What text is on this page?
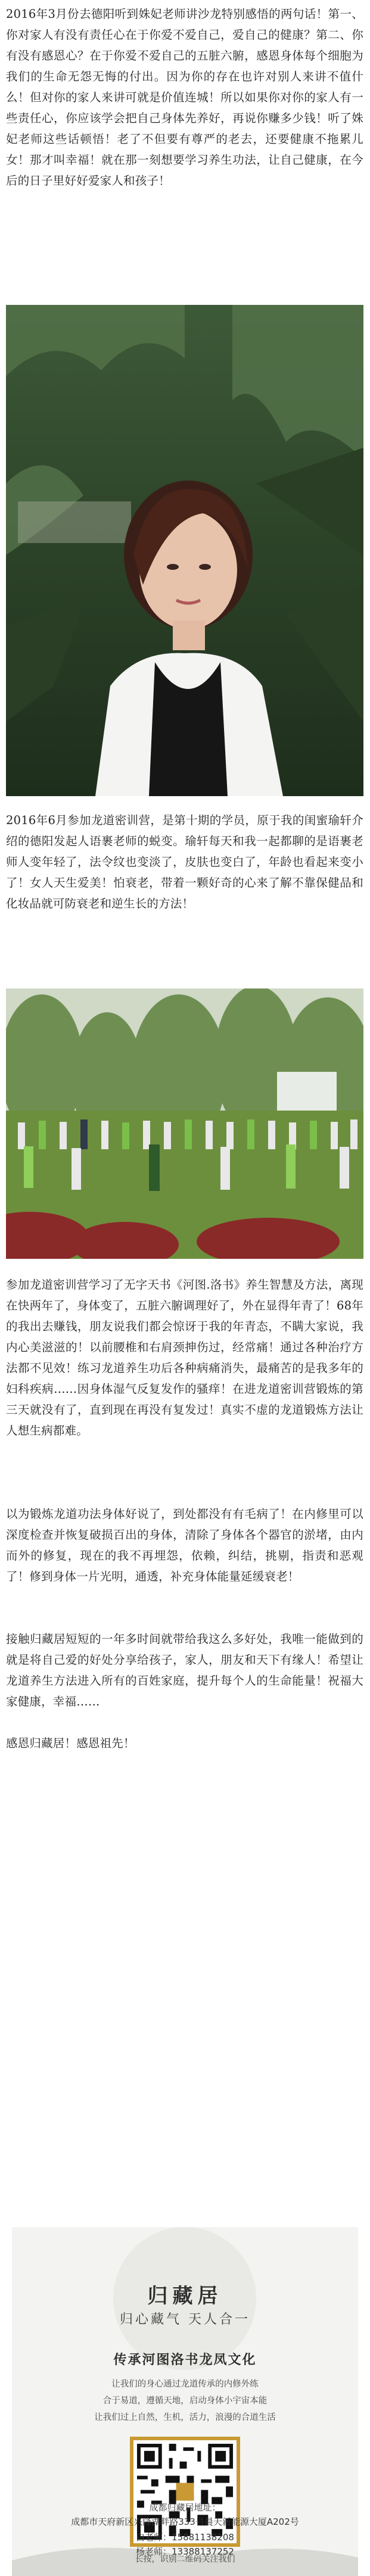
2016年3月份去德阳听到姝妃老师讲沙龙特别感悟的两句话！第一、你对家人有没有责任心在于你爱不爱自己，爱自己的健康？第二、你有没有感恩心？在于你爱不爱自己的五脏六腑，感恩身体每个细胞为我们的生命无怨无悔的付出。因为你的存在也许对别人来讲不值什么！但对你的家人来讲可就是价值连城！所以如果你对你的家人有一些责任心，你应该学会把自己身体先养好，再说你赚多少钱！听了姝妃老师这些话顿悟！老了不但要有尊严的老去，还要健康不拖累儿女！那才叫幸福！就在那一刻想要学习养生功法，让自己健康，在今后的日子里好好爱家人和孩子！

2016年6月参加龙道密训营，是第十期的学员，原于我的闺蜜瑜轩介绍的德阳发起人语裹老师的蜕变。瑜轩每天和我一起都聊的是语裹老师人变年轻了，法令纹也变淡了，皮肤也变白了，年龄也看起来变小了！女人天生爱美！怕衰老，带着一颗好奇的心来了解不靠保健品和化妆品就可防衰老和逆生长的方法！

参加龙道密训营学习了无字天书《河图.洛书》养生智慧及方法，离现在快两年了，身体变了，五脏六腑调理好了，外在显得年青了！68年的我出去赚钱，朋友说我们都会惊讶于我的年青态，不瞒大家说，我内心美滋滋的！以前腰椎和右肩颈抻伤过，经常痛！通过各种治疗方法都不见效！练习龙道养生功后各种病痛消失，最痛苦的是我多年的妇科疾病……因身体湿气反复发作的骚痒！在进龙道密训营锻炼的第三天就没有了，直到现在再没有复发过！真实不虚的龙道锻炼方法让人想生病都难。

以为锻炼龙道功法身体好说了，到处都没有有毛病了！在内修里可以深度检查并恢复破损百出的身体，清除了身体各个器官的淤堵，由内而外的修复，现在的我不再埋怨，依赖，纠结，挑剔，指责和恶观了！修到身体一片光明，通透，补充身体能量延缓衰老！

接触归藏居短短的一年多时间就带给我这么多好处，我唯一能做到的就是将自己爱的好处分享给孩子，家人，朋友和天下有缘人！希望让龙道养生方法进入所有的百姓家庭，提升每个人的生命能量！祝福大家健康，幸福……

感恩归藏居！感恩祖先！

归藏居
归心藏气 天人合一
传承河图洛书龙凤文化
让我们的身心通过龙道传承的内修外练
合于易道，遵循天地，启动身体小宇宙本能
让我们过上自然，生机，活力，浪漫的合道生活
长按，识别二维码关注我们
成都归藏居地址：
成都市天府新区兴隆湖畔路333号晨天新能源大厦A202号
白老师：15881138208
杨老师：13388137252
